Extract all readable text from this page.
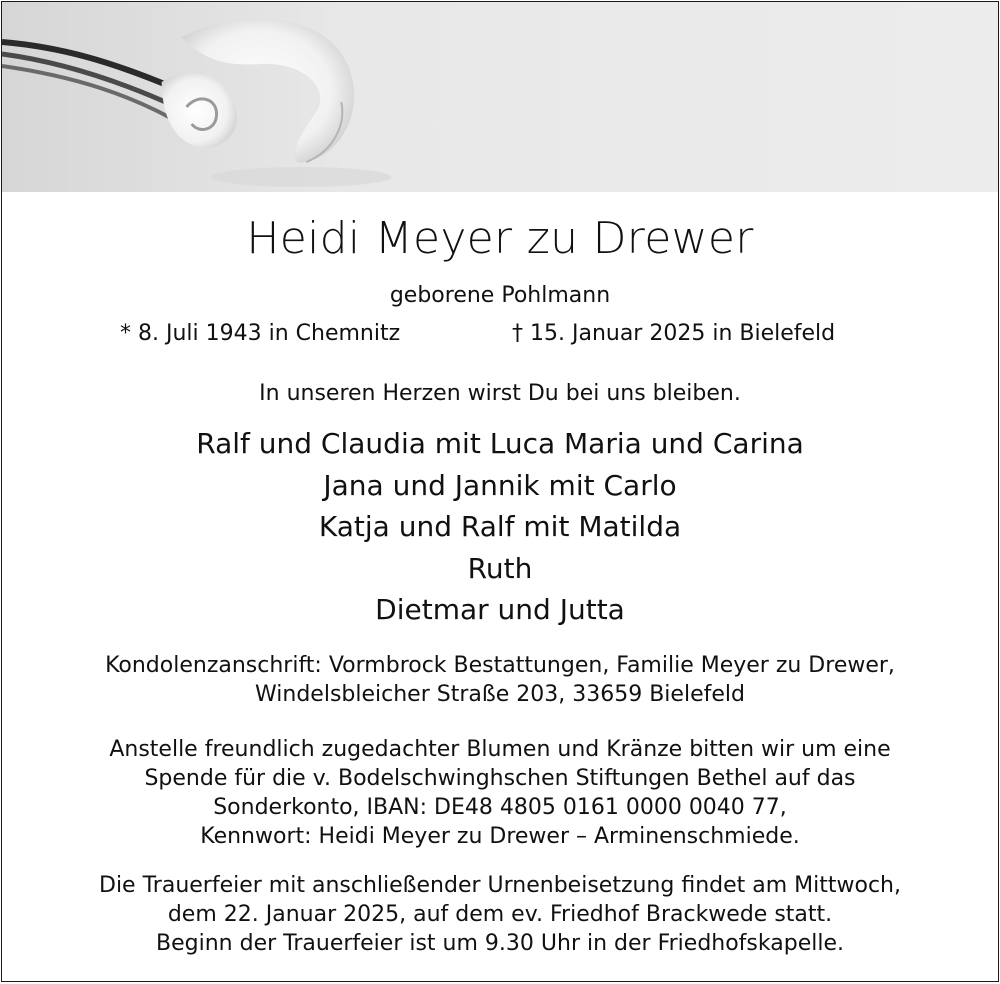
Heidi Meyer zu Drewer
geborene Pohlmann
* 8. Juli 1943 in Chemnitz	† 15. Januar 2025 in Bielefeld
In unseren Herzen wirst Du bei uns bleiben.
Ralf und Claudia mit Luca Maria und Carina
Jana und Jannik mit Carlo
Katja und Ralf mit Matilda
Ruth
Dietmar und Jutta
Kondolenzanschrift: Vormbrock Bestattungen, Familie Meyer zu Drewer,
Windelsbleicher Straße 203, 33659 Bielefeld
Anstelle freundlich zugedachter Blumen und Kränze bitten wir um eine
Spende für die v. Bodelschwinghschen Stiftungen Bethel auf das
Sonderkonto, IBAN: DE48 4805 0161 0000 0040 77,
Kennwort: Heidi Meyer zu Drewer – Arminenschmiede.
Die Trauerfeier mit anschließender Urnenbeisetzung findet am Mittwoch,
dem 22. Januar 2025, auf dem ev. Friedhof Brackwede statt.
Beginn der Trauerfeier ist um 9.30 Uhr in der Friedhofskapelle.
